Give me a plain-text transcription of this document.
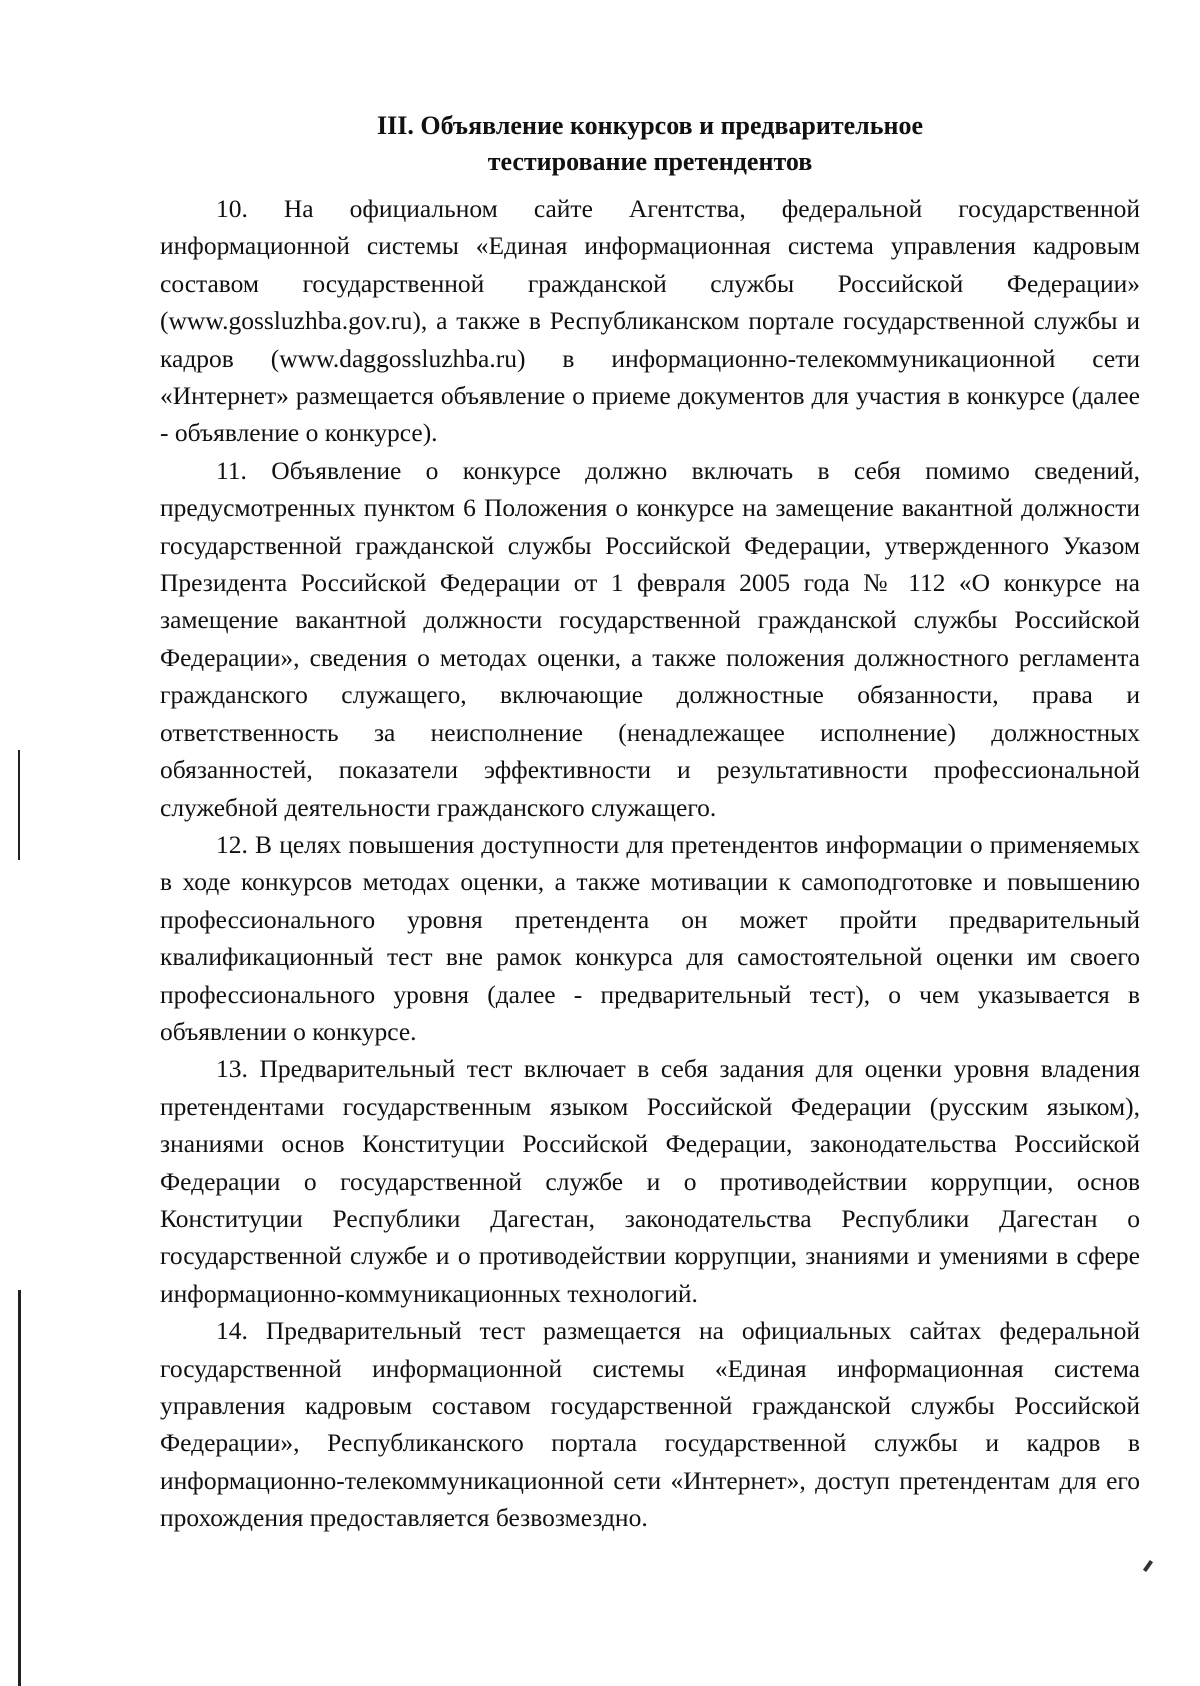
III. Объявление конкурсов и предварительное
тестирование претендентов

10. На официальном сайте Агентства, федеральной государственной информационной системы «Единая информационная система управления кадровым составом государственной гражданской службы Российской Федерации» (www.gossluzhba.gov.ru), а также в Республиканском портале государственной службы и кадров (www.daggossluzhba.ru) в информационно-телекоммуникационной сети «Интернет» размещается объявление о приеме документов для участия в конкурсе (далее - объявление о конкурсе).

11. Объявление о конкурсе должно включать в себя помимо сведений, предусмотренных пунктом 6 Положения о конкурсе на замещение вакантной должности государственной гражданской службы Российской Федерации, утвержденного Указом Президента Российской Федерации от 1 февраля 2005 года № 112 «О конкурсе на замещение вакантной должности государственной гражданской службы Российской Федерации», сведения о методах оценки, а также положения должностного регламента гражданского служащего, включающие должностные обязанности, права и ответственность за неисполнение (ненадлежащее исполнение) должностных обязанностей, показатели эффективности и результативности профессиональной служебной деятельности гражданского служащего.

12. В целях повышения доступности для претендентов информации о применяемых в ходе конкурсов методах оценки, а также мотивации к самоподготовке и повышению профессионального уровня претендента он может пройти предварительный квалификационный тест вне рамок конкурса для самостоятельной оценки им своего профессионального уровня (далее - предварительный тест), о чем указывается в объявлении о конкурсе.

13. Предварительный тест включает в себя задания для оценки уровня владения претендентами государственным языком Российской Федерации (русским языком), знаниями основ Конституции Российской Федерации, законодательства Российской Федерации о государственной службе и о противодействии коррупции, основ Конституции Республики Дагестан, законодательства Республики Дагестан о государственной службе и о противодействии коррупции, знаниями и умениями в сфере информационно-коммуникационных технологий.

14. Предварительный тест размещается на официальных сайтах федеральной государственной информационной системы «Единая информационная система управления кадровым составом государственной гражданской службы Российской Федерации», Республиканского портала государственной службы и кадров в информационно-телекоммуникационной сети «Интернет», доступ претендентам для его прохождения предоставляется безвозмездно.
